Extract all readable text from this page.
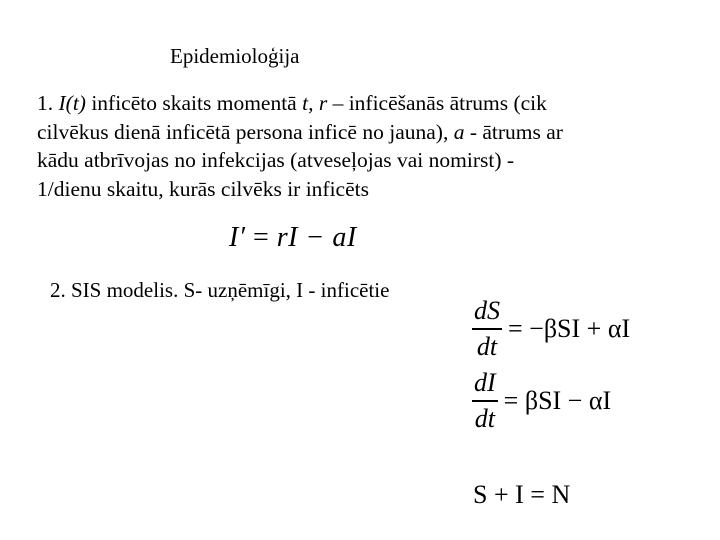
Epidemioloģija
1. I(t) inficēto skaits momentā t, r – inficēšanās ātrums (cik
cilvēkus dienā inficētā persona inficē no jauna), a - ātrums ar
kādu atbrīvojas no infekcijas (atveseļojas vai nomirst) -
1/dienu skaitu, kurās cilvēks ir inficēts
I′ = rI − aI
2. SIS modelis. S- uzņēmīgi, I - inficētie
$\frac{dS}{dt} = -\beta SI + \alpha I$
$\frac{dI}{dt} = \beta SI - \alpha I$
S + I = N
